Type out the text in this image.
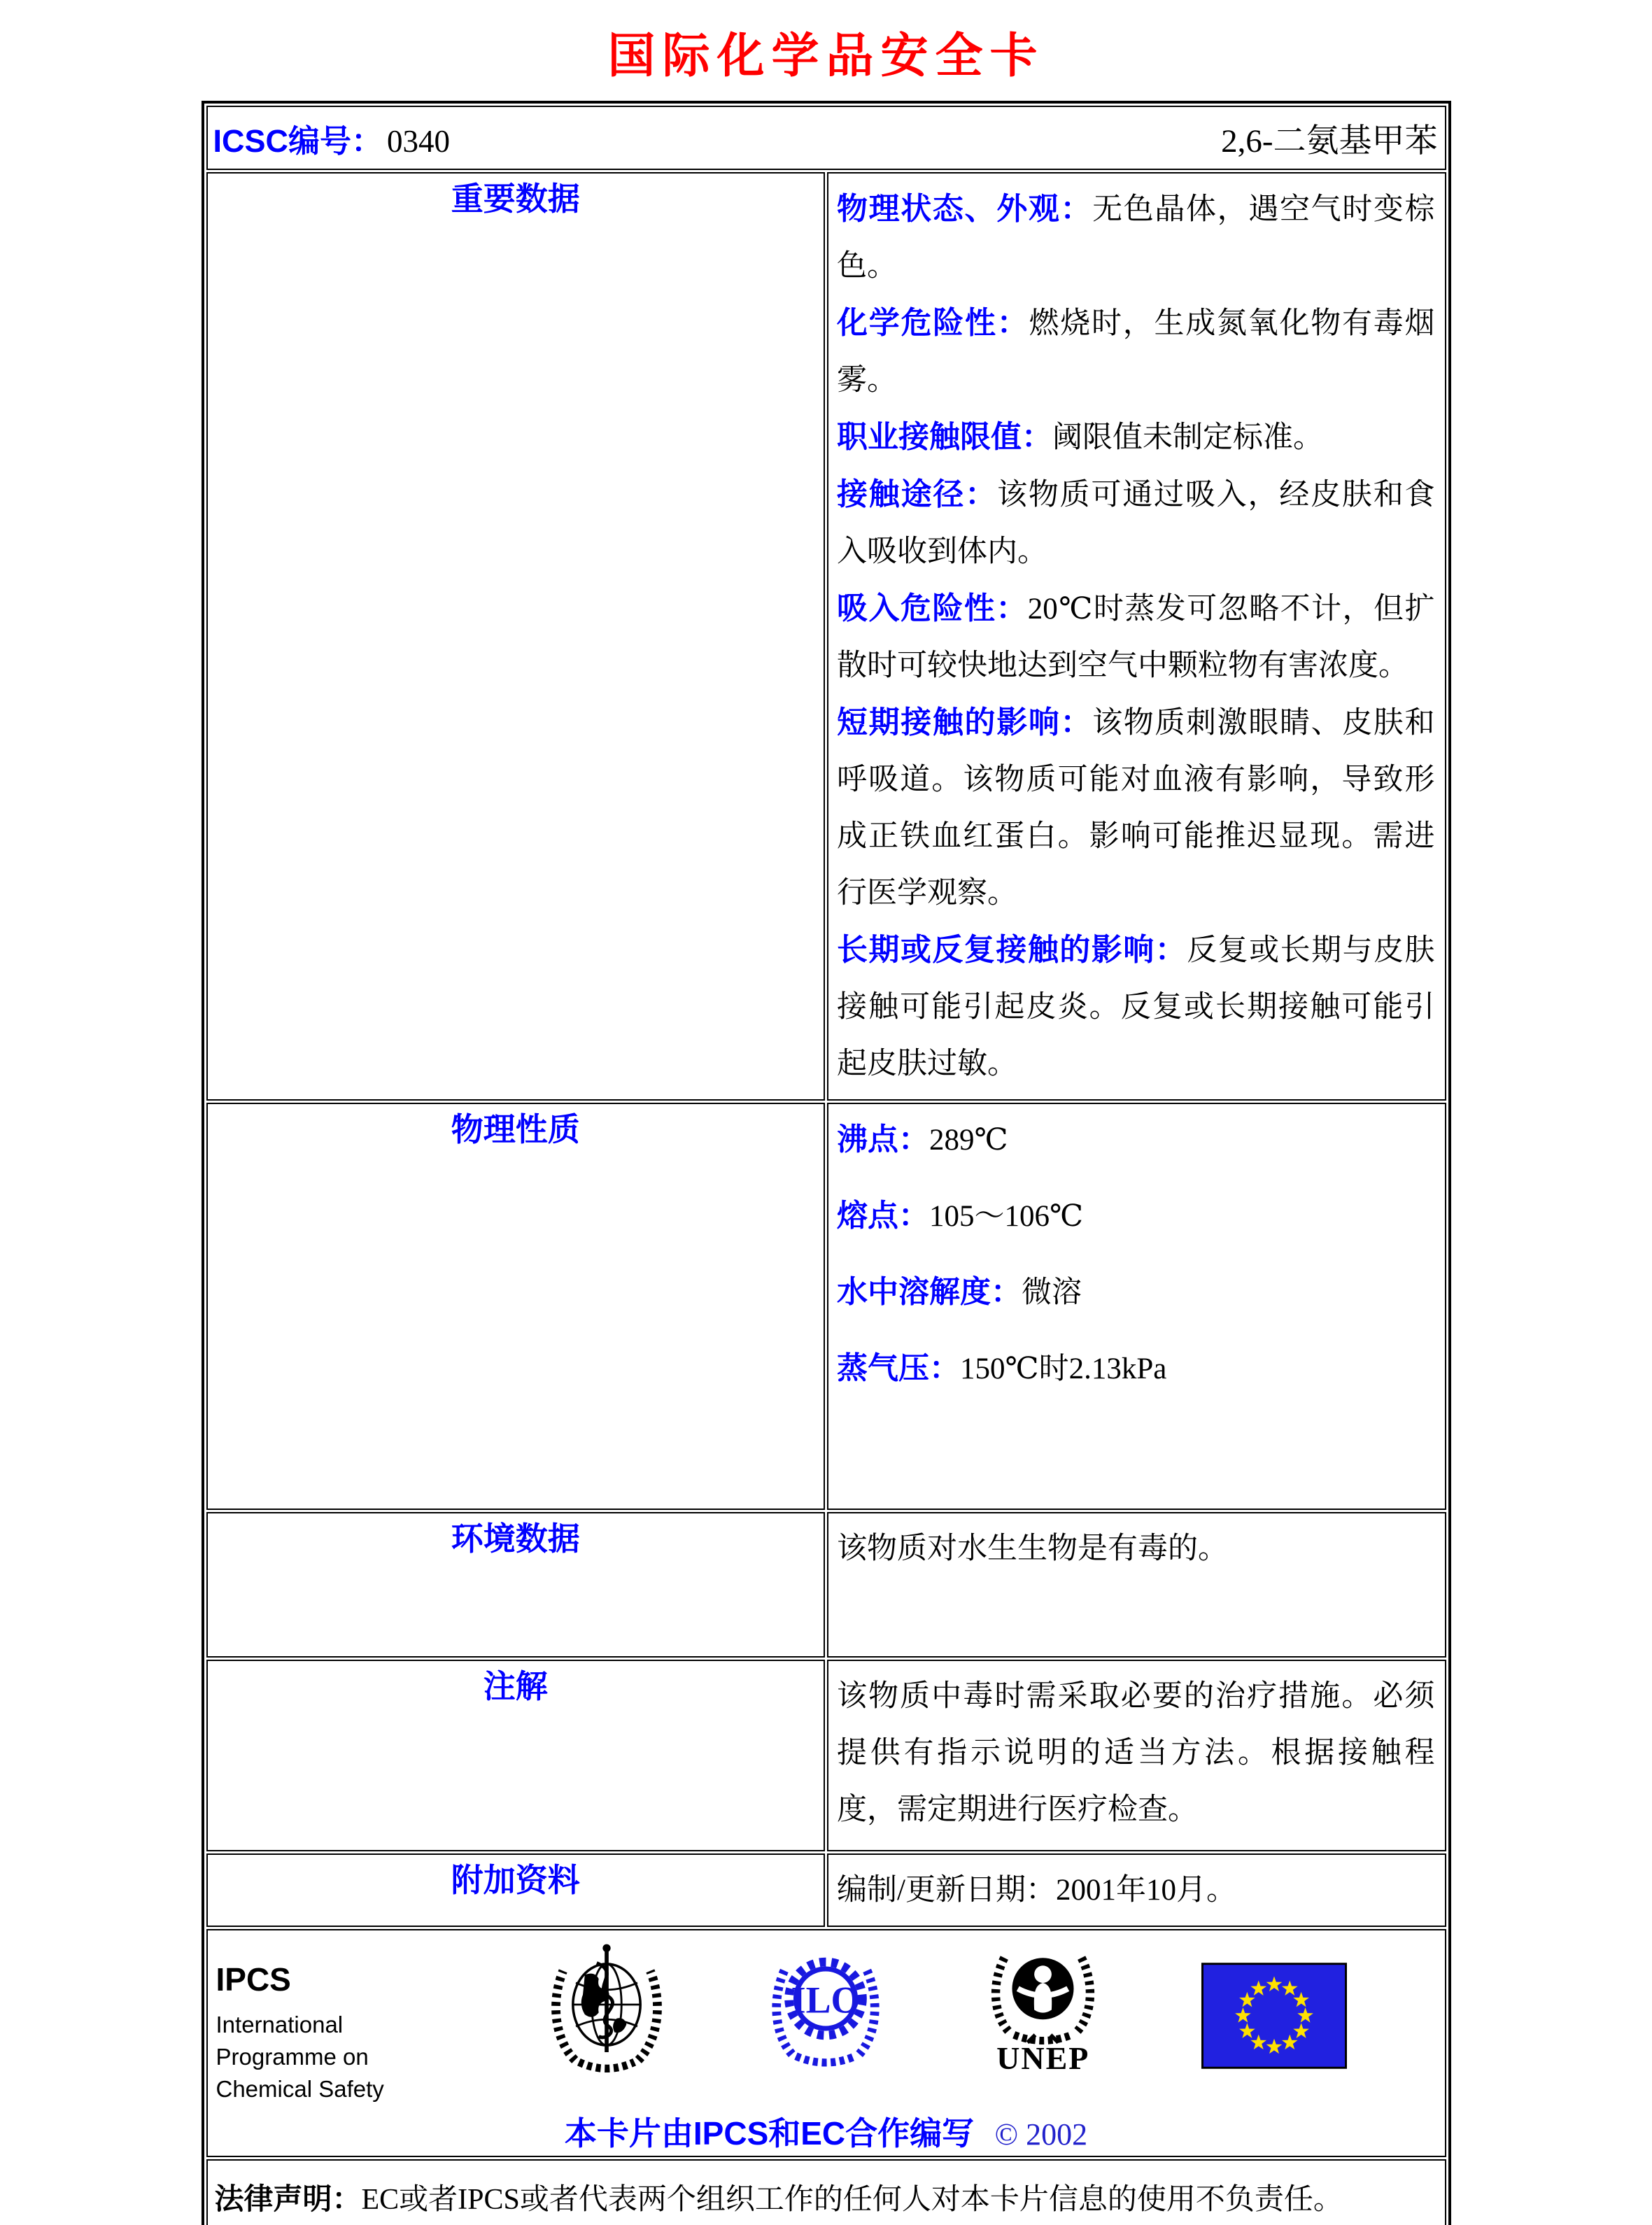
国际化学品安全卡
ICSC编号： 0340 2,6-二氨基甲苯	

重要数据	物理状态、外观：无色晶体，遇空气时变棕色。
化学危险性：燃烧时，生成氮氧化物有毒烟雾。
职业接触限值：阈限值未制定标准。
接触途径：该物质可通过吸入，经皮肤和食入吸收到体内。
吸入危险性：20℃时蒸发可忽略不计，但扩散时可较快地达到空气中颗粒物有害浓度。
短期接触的影响：该物质刺激眼睛、皮肤和呼吸道。该物质可能对血液有影响，导致形成正铁血红蛋白。影响可能推迟显现。需进行医学观察。
长期或反复接触的影响：反复或长期与皮肤接触可能引起皮炎。反复或长期接触可能引起皮肤过敏。

物理性质	沸点：289℃
熔点：105～106℃
水中溶解度：微溶
蒸气压：150℃时2.13kPa

环境数据	该物质对水生生物是有毒的。

注解	该物质中毒时需采取必要的治疗措施。必须提供有指示说明的适当方法。根据接触程度，需定期进行医疗检查。

附加资料	编制/更新日期：2001年10月。

IPCS
International
Programme on
Chemical Safety
ILO
UNEP
本卡片由IPCS和EC合作编写 © 2002

法律声明：EC或者IPCS或者代表两个组织工作的任何人对本卡片信息的使用不负责任。	
